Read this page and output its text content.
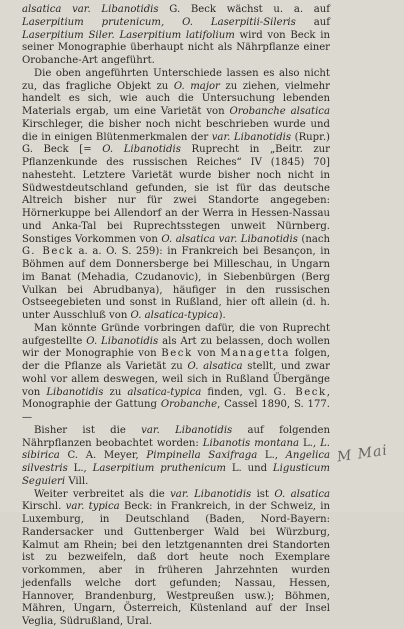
alsatica var. Libanotidis G. Beck wächst u. a. auf Laserpitium prutenicum, O. Laserpitii-Sileris auf Laserpitium Siler. Laserpitium latifolium wird von Beck in seiner Monographie überhaupt nicht als Nährpflanze einer Orobanche-Art angeführt.

Die oben angeführten Unterschiede lassen es also nicht zu, das fragliche Objekt zu O. major zu ziehen, vielmehr handelt es sich, wie auch die Untersuchung lebenden Materials ergab, um eine Varietät von Orobanche alsatica Kirschleger, die bisher noch nicht beschrieben wurde und die in einigen Blütenmerkmalen der var. Libanotidis (Rupr.) G. Beck [= O. Libanotidis Ruprecht in „Beitr. zur Pflanzenkunde des russischen Reiches“ IV (1845) 70] nahesteht. Letztere Varietät wurde bisher noch nicht in Südwestdeutschland gefunden, sie ist für das deutsche Altreich bisher nur für zwei Standorte angegeben: Hörnerkuppe bei Allendorf an der Werra in Hessen-Nassau und Anka-Tal bei Ruprechtsstegen unweit Nürnberg. Sonstiges Vorkommen von O. alsatica var. Libanotidis (nach G. Beck a. a. O. S. 259): in Frankreich bei Besançon, in Böhmen auf dem Donnersberge bei Milleschau, in Ungarn im Banat (Mehadia, Czudanovic), in Siebenbürgen (Berg Vulkan bei Abrudbanya), häufiger in den russischen Ostseegebieten und sonst in Rußland, hier oft allein (d. h. unter Ausschluß von O. alsatica-typica).

Man könnte Gründe vorbringen dafür, die von Ruprecht aufgestellte O. Libanotidis als Art zu belassen, doch wollen wir der Monographie von Beck von Managetta folgen, der die Pflanze als Varietät zu O. alsatica stellt, und zwar wohl vor allem deswegen, weil sich in Rußland Übergänge von Libanotidis zu alsatica-typica finden, vgl. G. Beck, Monographie der Gattung Orobanche, Cassel 1890, S. 177. —

Bisher ist die var. Libanotidis auf folgenden Nährpflanzen beobachtet worden: Libanotis montana L., L. sibirica C. A. Meyer, Pimpinella Saxifraga L., Angelica silvestris L., Laserpitium pruthenicum L. und Ligusticum Seguieri Vill.

Weiter verbreitet als die var. Libanotidis ist O. alsatica Kirschl. var. typica Beck: in Frankreich, in der Schweiz, in Luxemburg, in Deutschland (Baden, Nord-Bayern: Randersacker und Guttenberger Wald bei Würzburg, Kalmut am Rhein; bei den letztgenannten drei Standorten ist zu bezweifeln, daß dort heute noch Exemplare vorkommen, aber in früheren Jahrzehnten wurden jedenfalls welche dort gefunden; Nassau, Hessen, Hannover, Brandenburg, Westpreußen usw.); Böhmen, Mähren, Ungarn, Österreich, Küstenland auf der Insel Veglia, Südrußland, Ural.

M Mai
